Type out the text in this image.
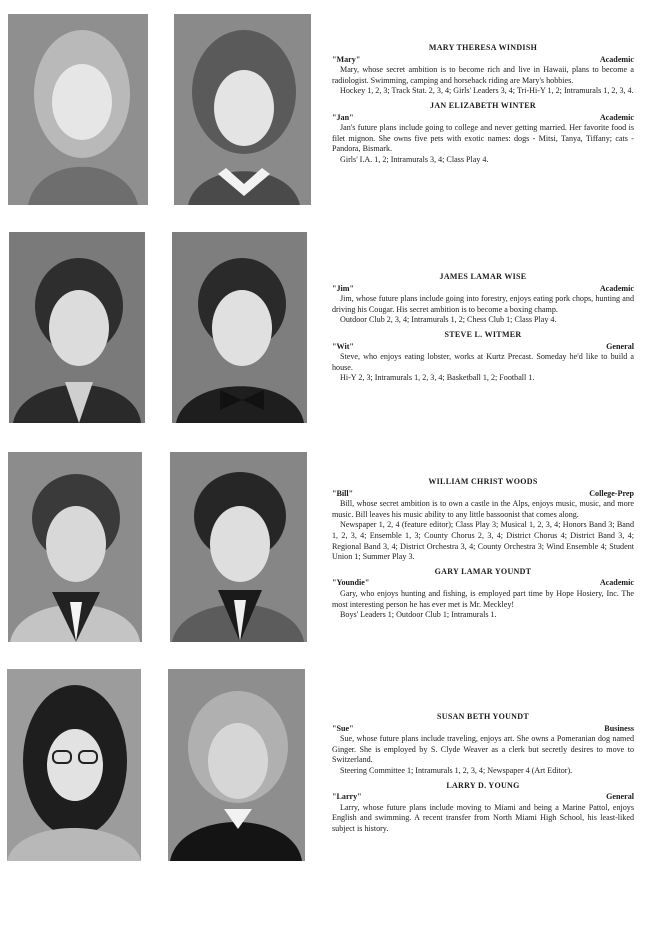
MARY THERESA WINDISH
"Mary"	Academic

Mary, whose secret ambition is to become rich and live in Hawaii, plans to become a radiologist. Swimming, camping and horseback riding are Mary's hobbies.

Hockey 1, 2, 3; Track Stat. 2, 3, 4; Girls' Leaders 3, 4; Tri-Hi-Y 1, 2; Intramurals 1, 2, 3, 4.

JAN ELIZABETH WINTER
"Jan"	Academic

Jan's future plans include going to college and never getting married. Her favorite food is filet mignon. She owns five pets with exotic names: dogs - Mitsi, Tanya, Tiffany; cats - Pandora, Bismark.

Girls' I.A. 1, 2; Intramurals 3, 4; Class Play 4.

JAMES LAMAR WISE
"Jim"	Academic

Jim, whose future plans include going into forestry, enjoys eating pork chops, hunting and driving his Cougar. His secret ambition is to become a boxing champ.

Outdoor Club 2, 3, 4; Intramurals 1, 2; Chess Club 1; Class Play 4.

STEVE L. WITMER
"Wit"	General

Steve, who enjoys eating lobster, works at Kurtz Precast. Someday he'd like to build a house.

Hi-Y 2, 3; Intramurals 1, 2, 3, 4; Basketball 1, 2; Football 1.

WILLIAM CHRIST WOODS
"Bill"	College-Prep

Bill, whose secret ambition is to own a castle in the Alps, enjoys music, music, and more music. Bill leaves his music ability to any little bassoonist that comes along.

Newspaper 1, 2, 4 (feature editor); Class Play 3; Musical 1, 2, 3, 4; Honors Band 3; Band 1, 2, 3, 4; Ensemble 1, 3; County Chorus 2, 3, 4; District Chorus 4; District Band 3, 4; Regional Band 3, 4; District Orchestra 3, 4; County Orchestra 3; Wind Ensemble 4; Student Union 1; Summer Play 3.

GARY LAMAR YOUNDT
"Youndie"	Academic

Gary, who enjoys hunting and fishing, is employed part time by Hope Hosiery, Inc. The most interesting person he has ever met is Mr. Meckley!

Boys' Leaders 1; Outdoor Club 1; Intramurals 1.

SUSAN BETH YOUNDT
"Sue"	Business

Sue, whose future plans include traveling, enjoys art. She owns a Pomeranian dog named Ginger. She is employed by S. Clyde Weaver as a clerk but secretly desires to move to Switzerland.

Steering Committee 1; Intramurals 1, 2, 3, 4; Newspaper 4 (Art Editor).

LARRY D. YOUNG
"Larry"	General

Larry, whose future plans include moving to Miami and being a Marine Pattol, enjoys English and swimming. A recent transfer from North Miami High School, his least-liked subject is history.
